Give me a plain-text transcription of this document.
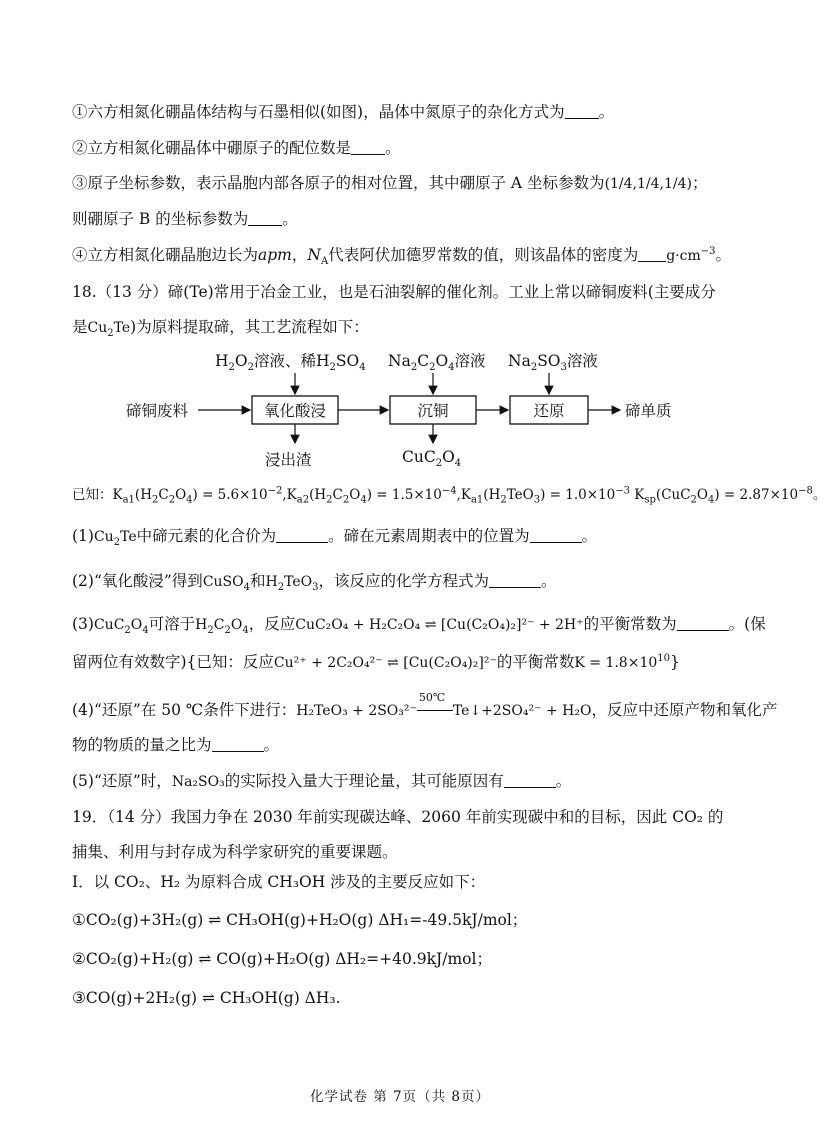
①六方相氮化硼晶体结构与石墨相似(如图)，晶体中氮原子的杂化方式为 。
②立方相氮化硼晶体中硼原子的配位数是 。
③原子坐标参数，表示晶胞内部各原子的相对位置，其中硼原子 A 坐标参数为(1/4,1/4,1/4)；
则硼原子 B 的坐标参数为 。
④立方相氮化硼晶胞边长为apm，$N_A$代表阿伏加德罗常数的值，则该晶体的密度为 $g\cdot cm^{-3}$。
18.（13 分）碲(Te)常用于冶金工业，也是石油裂解的催化剂。工业上常以碲铜废料(主要成分
是$Cu_2Te$)为原料提取碲，其工艺流程如下：
$H_2O_2$溶液、稀$H_2SO_4$ $Na_2C_2O_4$溶液 $Na_2SO_3$溶液
碲铜废料	氧化酸浸	沉铜	还原	碲单质
浸出渣	$CuC_2O_4$
已知：$K_{a1}(H_2C_2O_4) = 5.6\times 10^{-2},K_{a2}(H_2C_2O_4) = 1.5\times 10^{-4},K_{a1}(H_2TeO_3) = 1.0\times 10^{-3}$ $K_{sp}(CuC_2O_4) = 2.87\times 10^{-8}$。
$(1)Cu_2Te$中碲元素的化合价为	。碲在元素周期表中的位置为	。
(2)“氧化酸浸”得到CuSO$_4$和$H_2TeO_3$，该反应的化学方程式为	。
$(3)CuC_2O_4$可溶于$H_2C_2O_4$，反应CuC₂O₄ + H₂C₂O₄ ⇌ [Cu(C₂O₄)₂]²⁻ + 2H⁺的平衡常数为	。(保
留两位有效数字){已知：反应Cu²⁺ + 2C₂O₄²⁻ ⇌ [Cu(C₂O₄)₂]²⁻的平衡常数$K = 1.8\times 10^{10}$}
(4)“还原”在 50 ℃条件下进行：H₂TeO₃ + 2SO₃²⁻
50℃
Te↓+2SO₄²⁻ + H₂O，反应中还原产物和氧化产
物的物质的量之比为	。
(5)“还原”时，Na₂SO₃的实际投入量大于理论量，其可能原因有	。
19．（14 分）我国力争在 2030 年前实现碳达峰、2060 年前实现碳中和的目标，因此 CO₂ 的
捕集、利用与封存成为科学家研究的重要课题。
I．以 CO₂、H₂ 为原料合成 CH₃OH 涉及的主要反应如下：
①CO₂(g)+3H₂(g) ⇌ CH₃OH(g)+H₂O(g) ΔH₁=-49.5kJ/mol；
②CO₂(g)+H₂(g) ⇌ CO(g)+H₂O(g) ΔH₂=+40.9kJ/mol；
③CO(g)+2H₂(g) ⇌ CH₃OH(g) ΔH₃.
化学试卷 第 7页（共 8页）
